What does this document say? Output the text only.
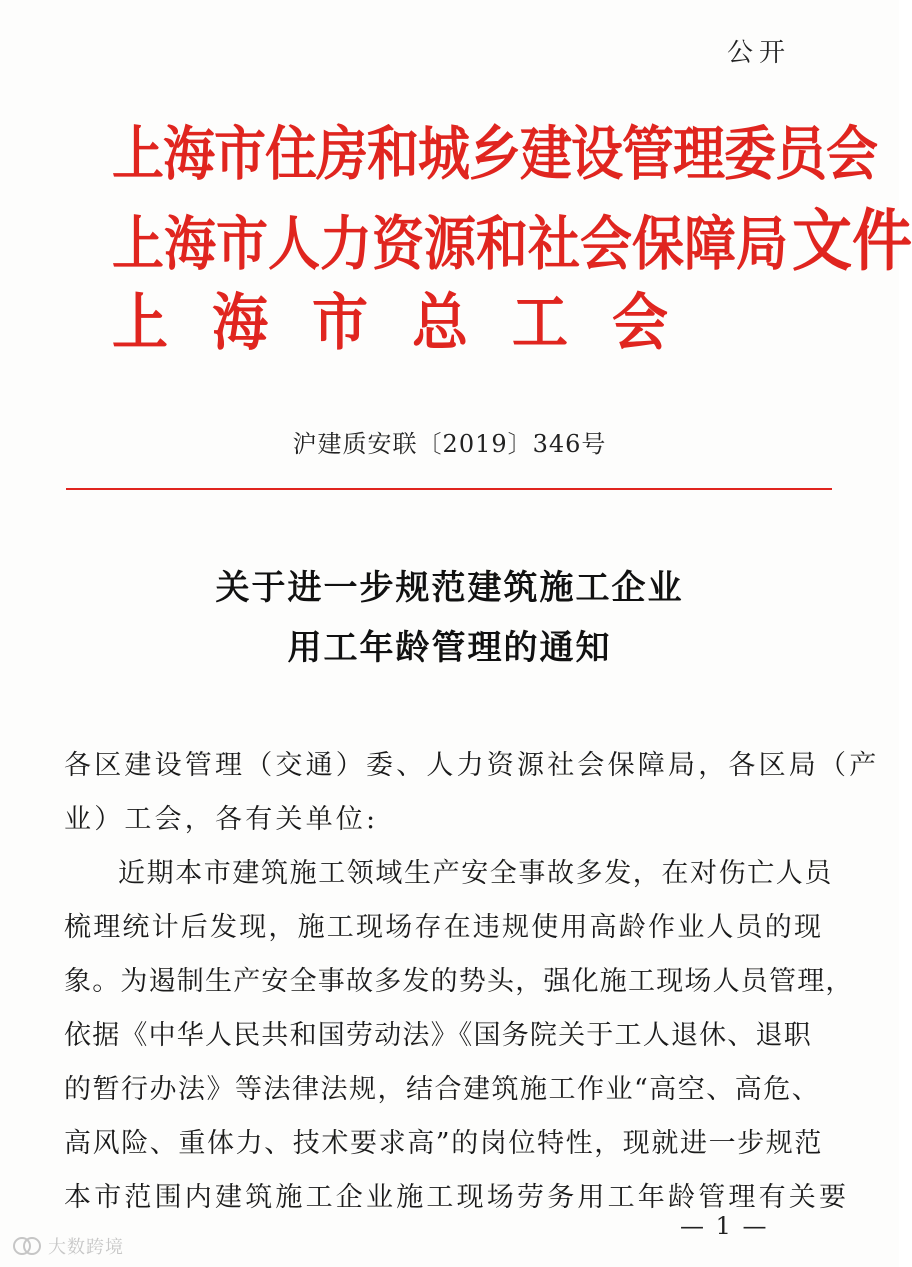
公开
上海市住房和城乡建设管理委员会
上海市人力资源和社会保障局文件
上海市总工会
沪建质安联〔2019〕346号
关于进一步规范建筑施工企业
用工年龄管理的通知
各区建设管理（交通）委、人力资源社会保障局，各区局（产
业）工会，各有关单位:
近期本市建筑施工领域生产安全事故多发，在对伤亡人员
梳理统计后发现，施工现场存在违规使用高龄作业人员的现
象。为遏制生产安全事故多发的势头，强化施工现场人员管理，
依据《中华人民共和国劳动法》《国务院关于工人退休、退职
的暂行办法》等法律法规，结合建筑施工作业“高空、高危、
高风险、重体力、技术要求高”的岗位特性，现就进一步规范
本市范围内建筑施工企业施工现场劳务用工年龄管理有关要
— 1 —
大数跨境
